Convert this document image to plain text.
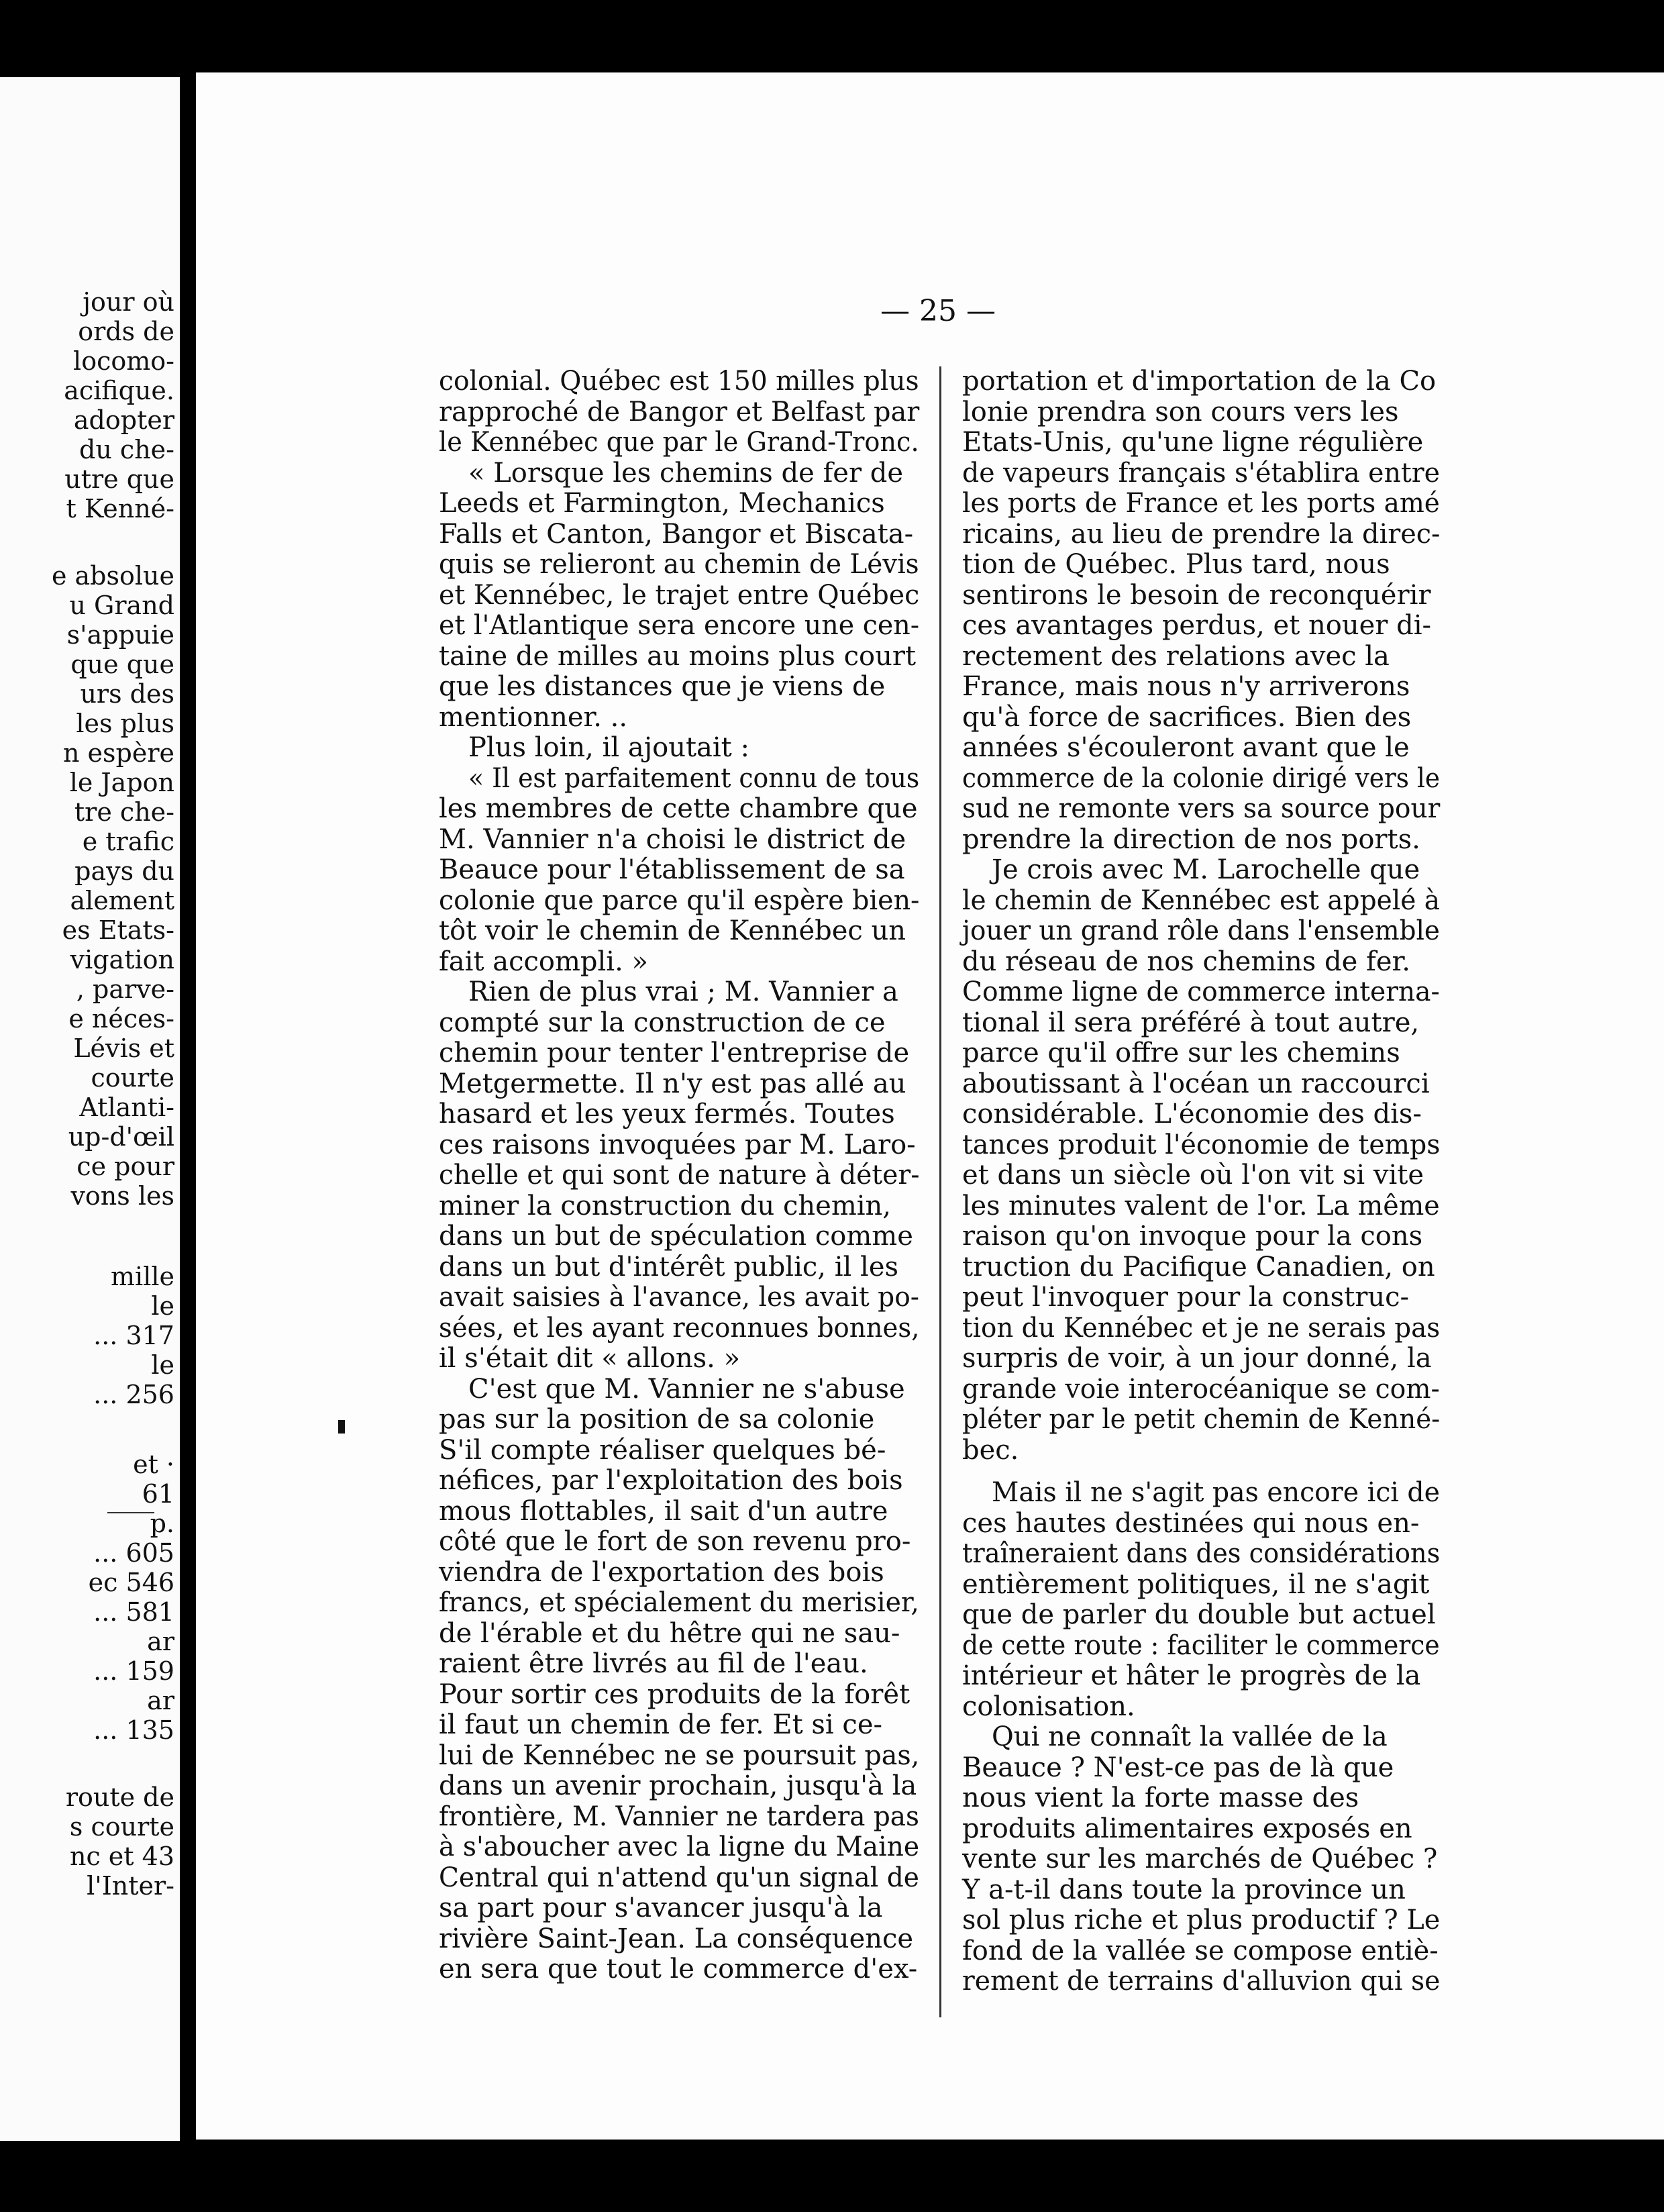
jour où
ords de
locomo-
acifique.
adopter
du che-
utre que
t Kenné-
e absolue
u Grand
s'appuie
que que
urs des
les plus
n espère
le Japon
tre che-
e trafic
pays du
alement
es Etats-
vigation
, parve-
e néces-
Lévis et
courte
Atlanti-
up-d'œil
ce pour
vons les
mille
le
... 317
le
... 256
et ·
61
p.
... 605
ec 546
... 581
ar
... 159
ar
... 135
route de
s courte
nc et 43
l'Inter-
— 25 —
colonial. Québec est 150 milles plus
rapproché de Bangor et Belfast par
le Kennébec que par le Grand-Tronc.
« Lorsque les chemins de fer de
Leeds et Farmington, Mechanics
Falls et Canton, Bangor et Biscata-
quis se relieront au chemin de Lévis
et Kennébec, le trajet entre Québec
et l'Atlantique sera encore une cen-
taine de milles au moins plus court
que les distances que je viens de
mentionner. ..
Plus loin, il ajoutait :
« Il est parfaitement connu de tous
les membres de cette chambre que
M. Vannier n'a choisi le district de
Beauce pour l'établissement de sa
colonie que parce qu'il espère bien-
tôt voir le chemin de Kennébec un
fait accompli. »
Rien de plus vrai ; M. Vannier a
compté sur la construction de ce
chemin pour tenter l'entreprise de
Metgermette. Il n'y est pas allé au
hasard et les yeux fermés. Toutes
ces raisons invoquées par M. Laro-
chelle et qui sont de nature à déter-
miner la construction du chemin,
dans un but de spéculation comme
dans un but d'intérêt public, il les
avait saisies à l'avance, les avait po-
sées, et les ayant reconnues bonnes,
il s'était dit « allons. »
C'est que M. Vannier ne s'abuse
pas sur la position de sa colonie
S'il compte réaliser quelques bé-
néfices, par l'exploitation des bois
mous flottables, il sait d'un autre
côté que le fort de son revenu pro-
viendra de l'exportation des bois
francs, et spécialement du merisier,
de l'érable et du hêtre qui ne sau-
raient être livrés au fil de l'eau.
Pour sortir ces produits de la forêt
il faut un chemin de fer. Et si ce-
lui de Kennébec ne se poursuit pas,
dans un avenir prochain, jusqu'à la
frontière, M. Vannier ne tardera pas
à s'aboucher avec la ligne du Maine
Central qui n'attend qu'un signal de
sa part pour s'avancer jusqu'à la
rivière Saint-Jean. La conséquence
en sera que tout le commerce d'ex-
portation et d'importation de la Co
lonie prendra son cours vers les
Etats-Unis, qu'une ligne régulière
de vapeurs français s'établira entre
les ports de France et les ports amé
ricains, au lieu de prendre la direc-
tion de Québec. Plus tard, nous
sentirons le besoin de reconquérir
ces avantages perdus, et nouer di-
rectement des relations avec la
France, mais nous n'y arriverons
qu'à force de sacrifices. Bien des
années s'écouleront avant que le
commerce de la colonie dirigé vers le
sud ne remonte vers sa source pour
prendre la direction de nos ports.
Je crois avec M. Larochelle que
le chemin de Kennébec est appelé à
jouer un grand rôle dans l'ensemble
du réseau de nos chemins de fer.
Comme ligne de commerce interna-
tional il sera préféré à tout autre,
parce qu'il offre sur les chemins
aboutissant à l'océan un raccourci
considérable. L'économie des dis-
tances produit l'économie de temps
et dans un siècle où l'on vit si vite
les minutes valent de l'or. La même
raison qu'on invoque pour la cons
truction du Pacifique Canadien, on
peut l'invoquer pour la construc-
tion du Kennébec et je ne serais pas
surpris de voir, à un jour donné, la
grande voie interocéanique se com-
pléter par le petit chemin de Kenné-
bec.
Mais il ne s'agit pas encore ici de
ces hautes destinées qui nous en-
traîneraient dans des considérations
entièrement politiques, il ne s'agit
que de parler du double but actuel
de cette route : faciliter le commerce
intérieur et hâter le progrès de la
colonisation.
Qui ne connaît la vallée de la
Beauce ? N'est-ce pas de là que
nous vient la forte masse des
produits alimentaires exposés en
vente sur les marchés de Québec ?
Y a-t-il dans toute la province un
sol plus riche et plus productif ? Le
fond de la vallée se compose entiè-
rement de terrains d'alluvion qui se
